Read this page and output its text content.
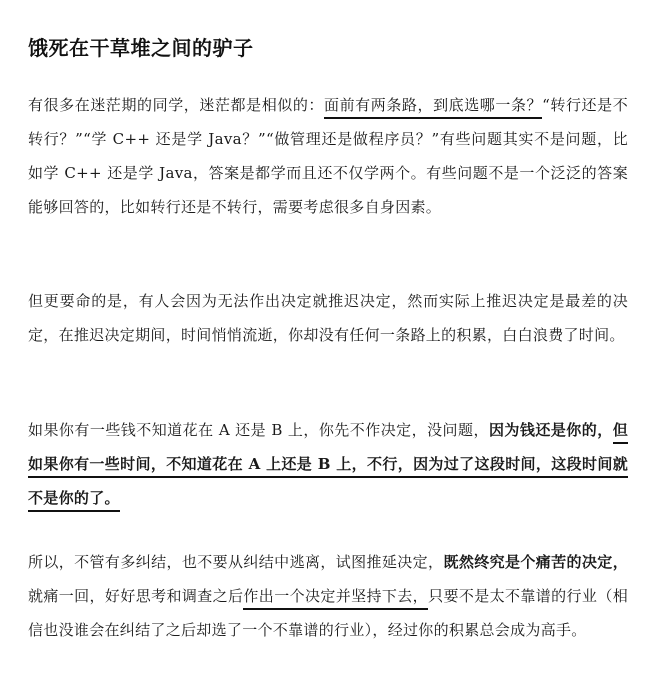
饿死在干草堆之间的驴子

有很多在迷茫期的同学，迷茫都是相似的：面前有两条路，到底选哪一条？“转行还是不转行？”“学 C++ 还是学 Java？”“做管理还是做程序员？”有些问题其实不是问题，比如学 C++ 还是学 Java，答案是都学而且还不仅学两个。有些问题不是一个泛泛的答案能够回答的，比如转行还是不转行，需要考虑很多自身因素。

但更要命的是，有人会因为无法作出决定就推迟决定，然而实际上推迟决定是最差的决定，在推迟决定期间，时间悄悄流逝，你却没有任何一条路上的积累，白白浪费了时间。

如果你有一些钱不知道花在 A 还是 B 上，你先不作决定，没问题，因为钱还是你的，但如果你有一些时间，不知道花在 A 上还是 B 上，不行，因为过了这段时间，这段时间就不是你的了。

所以，不管有多纠结，也不要从纠结中逃离，试图推延决定，既然终究是个痛苦的决定，就痛一回，好好思考和调查之后作出一个决定并坚持下去，只要不是太不靠谱的行业（相信也没谁会在纠结了之后却选了一个不靠谱的行业），经过你的积累总会成为高手。
